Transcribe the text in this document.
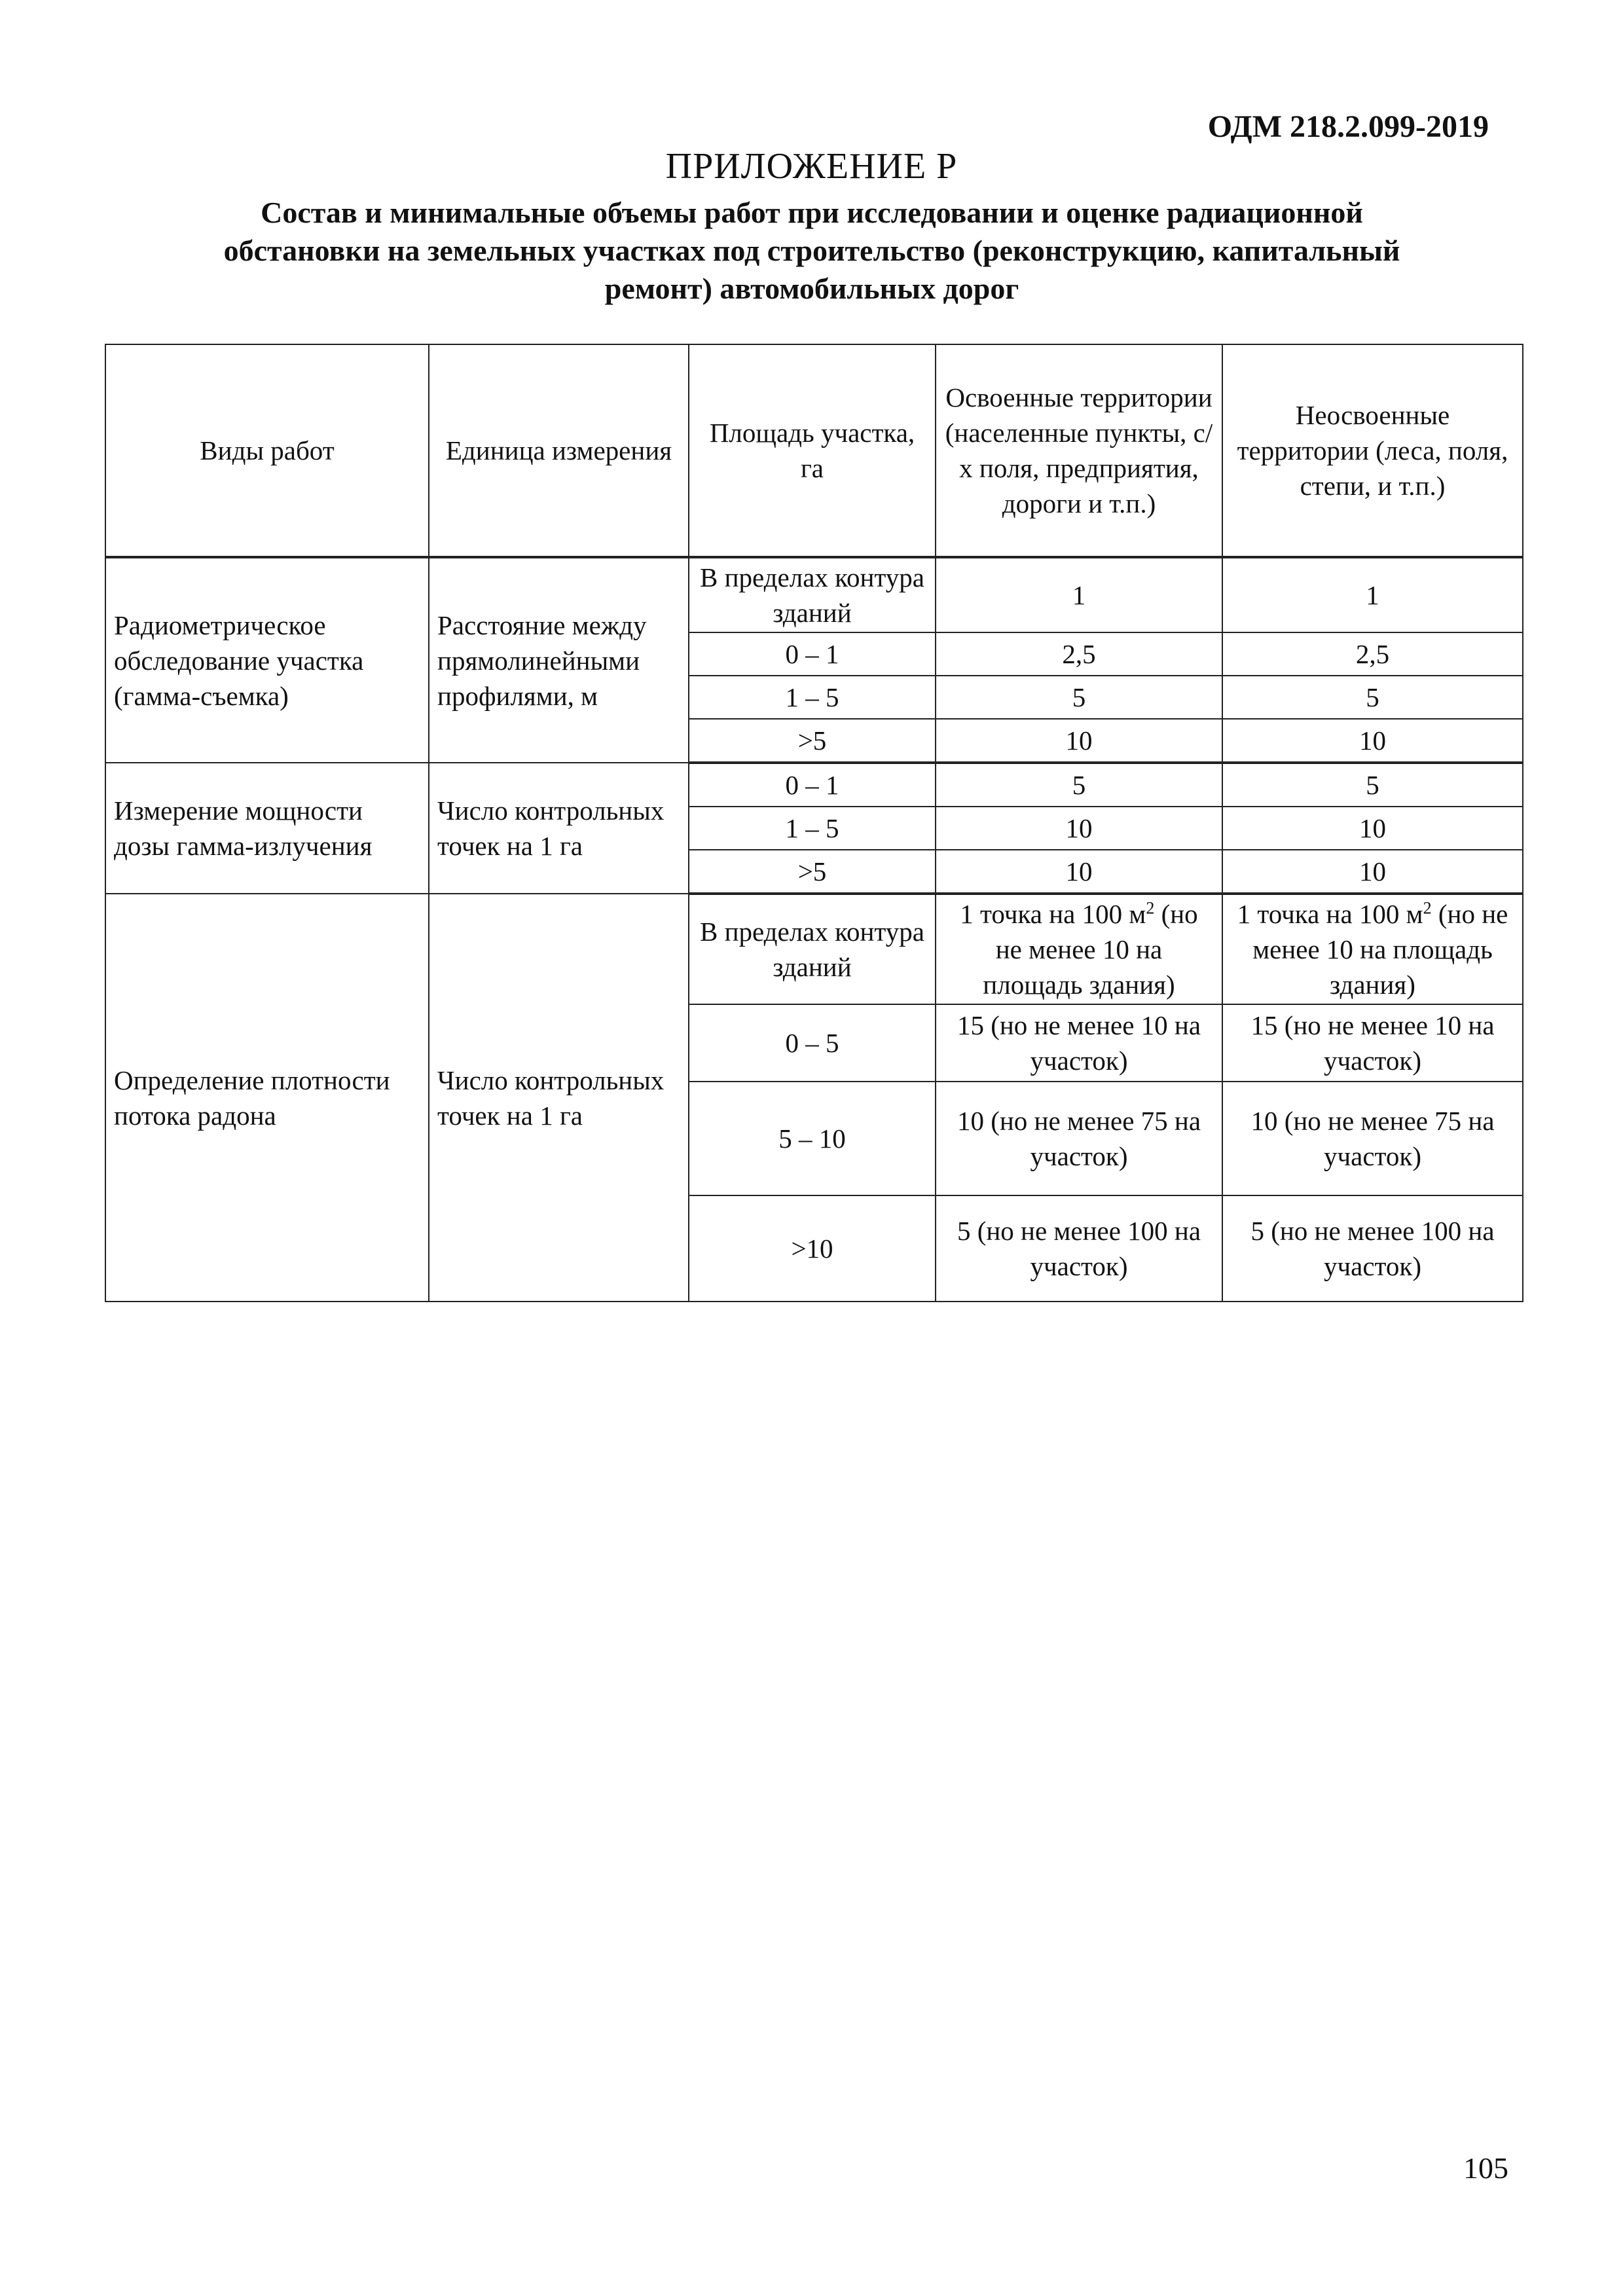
ОДМ 218.2.099-2019
ПРИЛОЖЕНИЕ Р
Состав и минимальные объемы работ при исследовании и оценке радиационной
обстановки на земельных участках под строительство (реконструкцию, капитальный
ремонт) автомобильных дорог
Виды работ	Единица измерения	Площадь участка, га	Освоенные территории (населенные пункты, с/х поля, предприятия, дороги и т.п.)	Неосвоенные территории (леса, поля, степи, и т.п.)
Радиометрическое обследование участка (гамма-съемка)	Расстояние между прямолинейными профилями, м	В пределах контура зданий	1	1
		0 – 1	2,5	2,5
		1 – 5	5	5
		>5	10	10
Измерение мощности дозы гамма-излучения	Число контрольных точек на 1 га	0 – 1	5	5
		1 – 5	10	10
		>5	10	10
Определение плотности потока радона	Число контрольных точек на 1 га	В пределах контура зданий	1 точка на 100 $м^2$ (но не менее 10 на площадь здания)	1 точка на 100 $м^2$ (но не менее 10 на площадь здания)
		0 – 5	15 (но не менее 10 на участок)	15 (но не менее 10 на участок)
		5 – 10	10 (но не менее 75 на участок)	10 (но не менее 75 на участок)
		>10	5 (но не менее 100 на участок)	5 (но не менее 100 на участок)
105
